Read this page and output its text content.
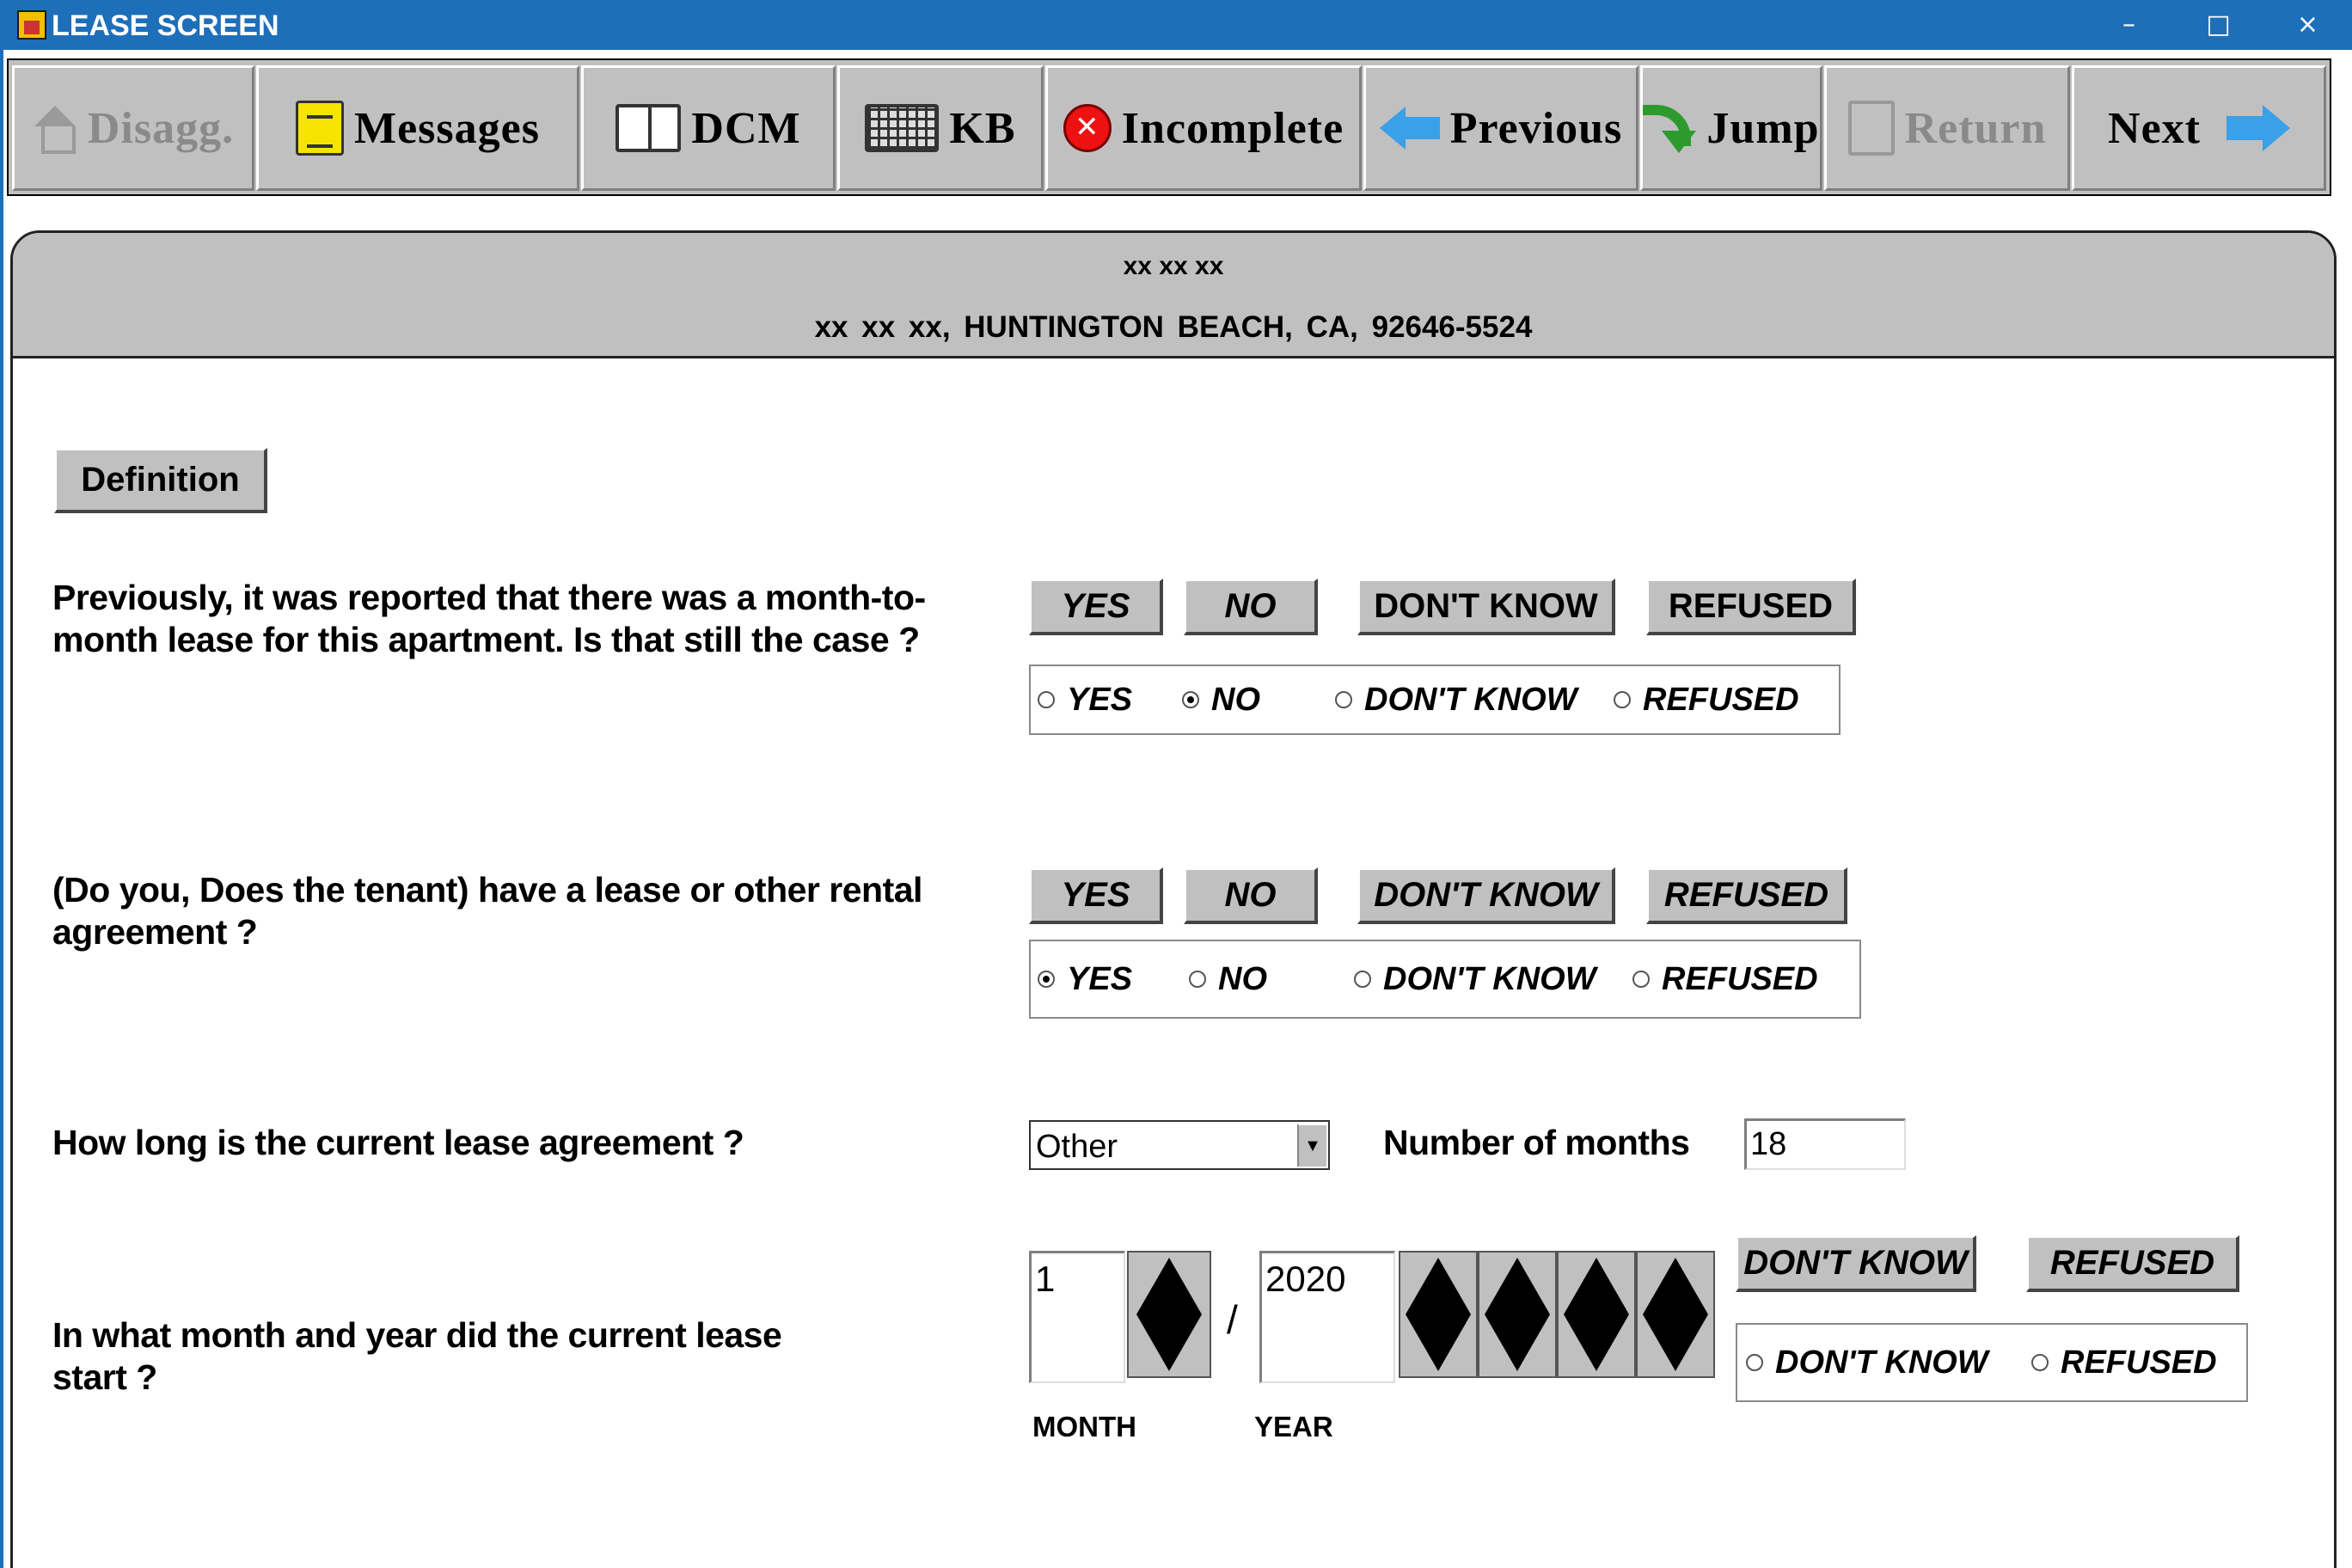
LEASE SCREEN	–	□	×
Disagg.	Messages	DCM	KB	✕ Incomplete Previous Jump Return Next
xx xx xx
xx xx xx, HUNTINGTON BEACH, CA, 92646-5524
Definition
Previously, it was reported that there was a month-to-month lease for this apartment. Is that still the case ?
YES	NO	DON'T KNOW	REFUSED
YES NO	DON'T KNOW REFUSED
(Do you, Does the tenant) have a lease or other rental agreement ?
YES	NO	DON'T KNOW	REFUSED
YES	NO	DON'T KNOW REFUSED
How long is the current lease agreement ?	Other	▼ Number of months 18
In what month and year did the current lease start ?
1
/
2020
MONTH	YEAR
DON'T KNOW	REFUSED
DON'T KNOW REFUSED
